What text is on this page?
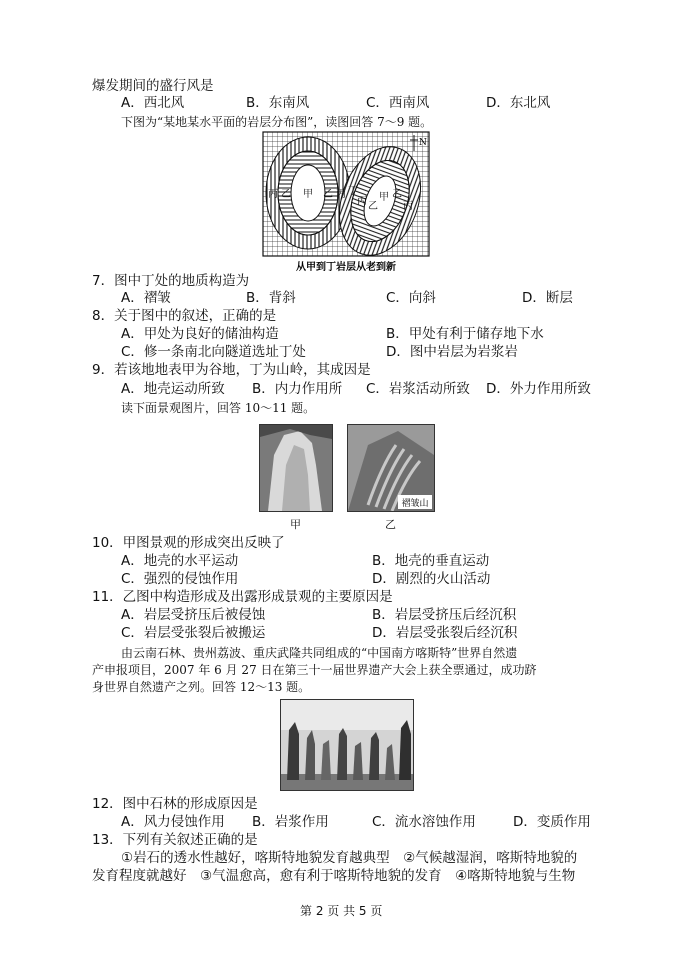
爆发期间的盛行风是
A．西北风	B．东南风	C．西南风	D．东北风
下图为“某地某水平面的岩层分布图”，读图回答 7～9 题。
N
丙 乙 甲 乙 丙 丁
丙 乙
甲 乙
丙
从甲到丁岩层从老到新
7．图中丁处的地质构造为
A．褶皱	B．背斜	C．向斜	D．断层
8．关于图中的叙述，正确的是
A．甲处为良好的储油构造	B．甲处有利于储存地下水
C．修一条南北向隧道选址丁处	D．图中岩层为岩浆岩
9．若该地地表甲为谷地，丁为山岭，其成因是
A．地壳运动所致 B．内力作用所 C．岩浆活动所致 D．外力作用所致
读下面景观图片，回答 10～11 题。
褶皱山
甲	乙
10．甲图景观的形成突出反映了
A．地壳的水平运动	B．地壳的垂直运动
C．强烈的侵蚀作用	D．剧烈的火山活动
11．乙图中构造形成及出露形成景观的主要原因是
A．岩层受挤压后被侵蚀	B．岩层受挤压后经沉积
C．岩层受张裂后被搬运	D．岩层受张裂后经沉积
由云南石林、贵州荔波、重庆武隆共同组成的“中国南方喀斯特”世界自然遗
产申报项目，2007 年 6 月 27 日在第三十一届世界遗产大会上获全票通过，成功跻
身世界自然遗产之列。回答 12～13 题。
12．图中石林的形成原因是
A．风力侵蚀作用 B．岩浆作用	C．流水溶蚀作用	D．变质作用
13．下列有关叙述正确的是
①岩石的透水性越好，喀斯特地貌发育越典型　②气候越湿润，喀斯特地貌的
发育程度就越好　③气温愈高，愈有利于喀斯特地貌的发育　④喀斯特地貌与生物
第 2 页 共 5 页
